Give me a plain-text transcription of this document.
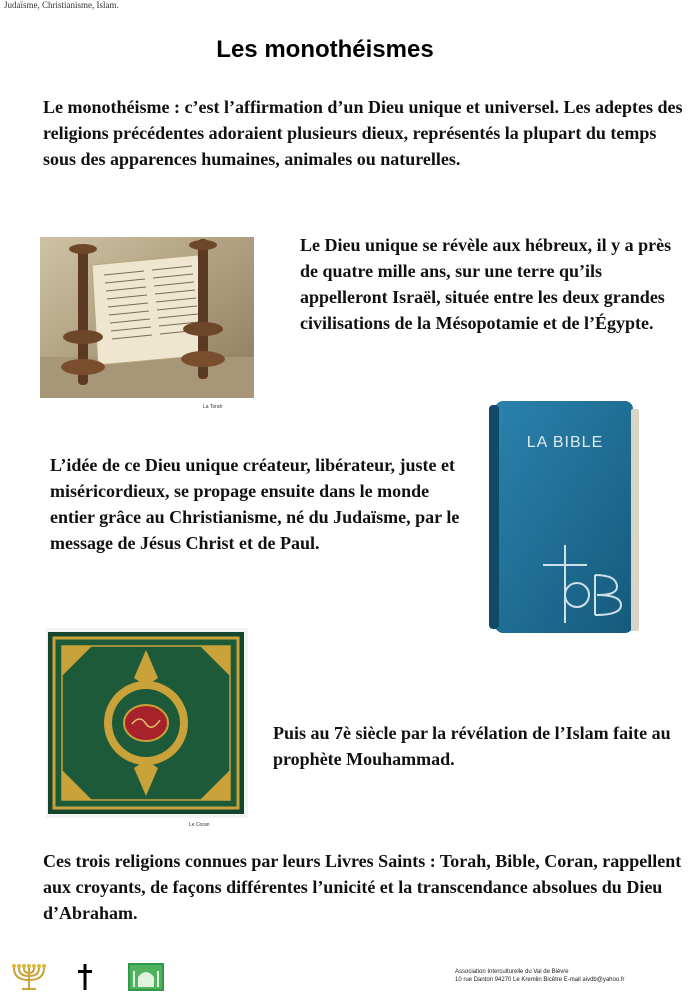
Judaïsme, Christianisme, Islam.
Les monothéismes

Le monothéisme : c’est l’affirmation d’un Dieu unique et universel. Les adeptes des religions précédentes adoraient plusieurs dieux, représentés la plupart du temps sous des apparences humaines, animales ou naturelles.

La Torah

Le Dieu unique se révèle aux hébreux, il y a près de quatre mille ans, sur une terre qu’ils appelleront Israël, située entre les deux grandes civilisations de la Mésopotamie et de l’Égypte.

LA BIBLE

L’idée de ce Dieu unique créateur, libérateur, juste et miséricordieux, se propage ensuite dans le monde entier grâce au Christianisme, né du Judaïsme, par le message de Jésus Christ et de Paul.

Le Coran

Puis au 7è siècle par la révélation de l’Islam faite au prophète Mouhammad.

Ces trois religions connues par leurs Livres Saints : Torah, Bible, Coran, rappellent aux croyants, de façons différentes l’unicité et la transcendance absolues du Dieu d’Abraham.

Association Interculturelle du Val de Bièvre
10 rue Danton 94270 Le Kremlin Bicêtre E-mail aivdb@yahoo.fr
